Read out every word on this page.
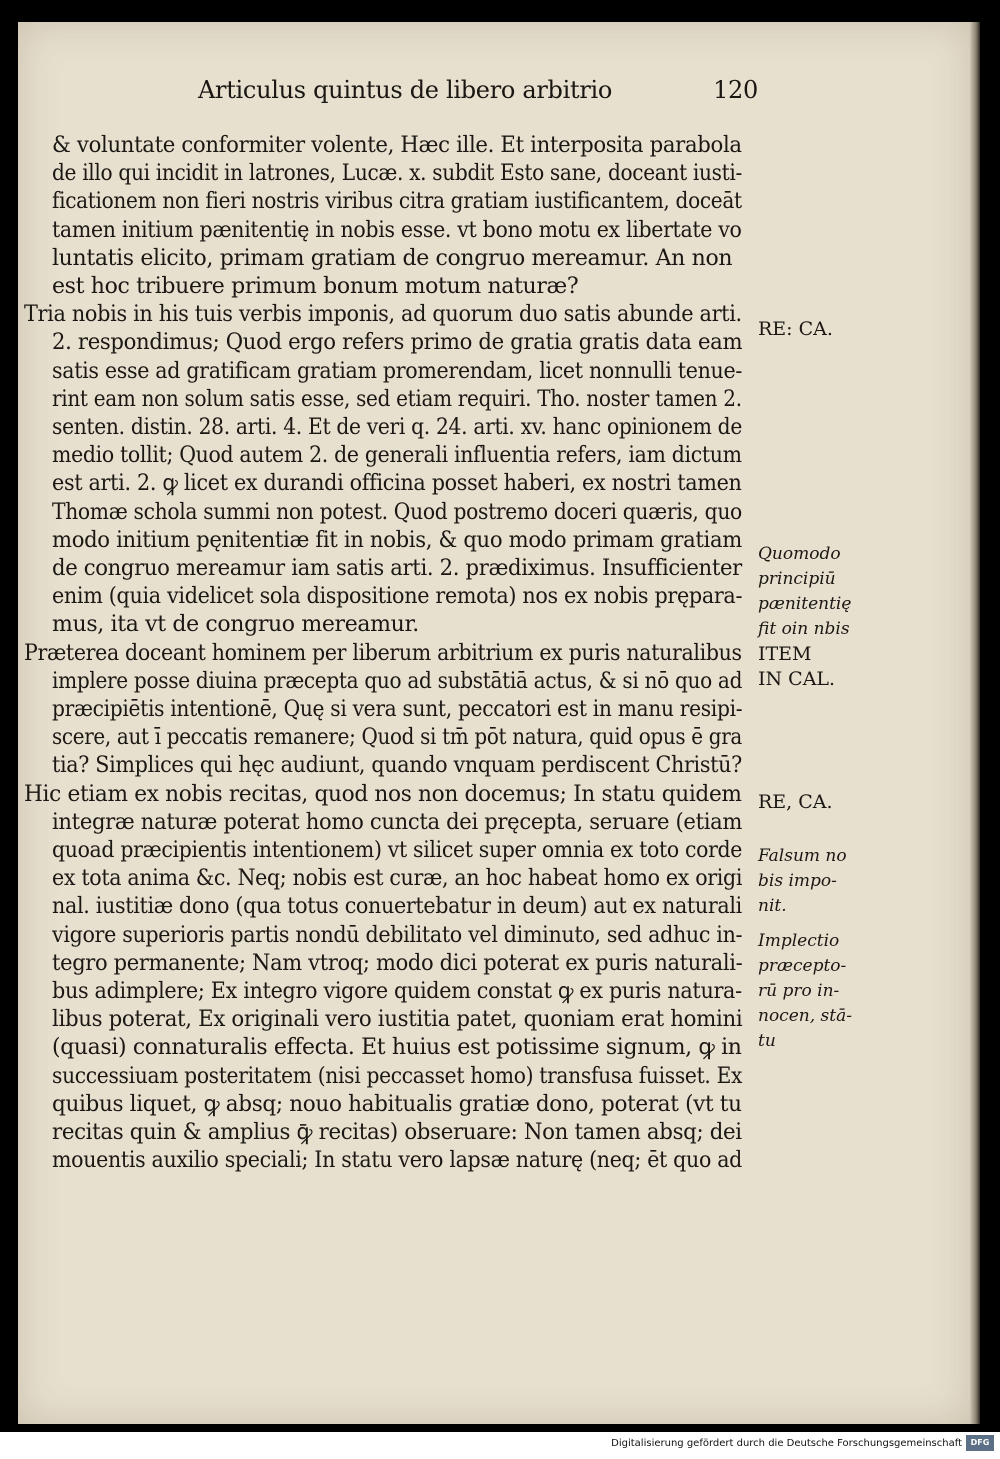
Articulus quintus de libero arbitrio	120
& voluntate conformiter volente, Hæc ille. Et interposita parabola
de illo qui incidit in latrones, Lucæ. x. subdit Esto sane, doceant iusti-
ficationem non fieri nostris viribus citra gratiam iustificantem, doceāt
tamen initium pænitentię in nobis esse. vt bono motu ex libertate vo
luntatis elicito, primam gratiam de congruo mereamur. An non
est hoc tribuere primum bonum motum naturæ?
Tria nobis in his tuis verbis imponis, ad quorum duo satis abunde arti.
2. respondimus; Quod ergo refers primo de gratia gratis data eam
satis esse ad gratificam gratiam promerendam, licet nonnulli tenue-
rint eam non solum satis esse, sed etiam requiri. Tho. noster tamen 2.
senten. distin. 28. arti. 4. Et de veri q. 24. arti. xv. hanc opinionem de
medio tollit; Quod autem 2. de generali influentia refers, iam dictum
est arti. 2. ꝙ licet ex durandi officina posset haberi, ex nostri tamen
Thomæ schola summi non potest. Quod postremo doceri quæris, quo
modo initium pęnitentiæ fit in nobis, & quo modo primam gratiam
de congruo mereamur iam satis arti. 2. prædiximus. Insufficienter
enim (quia videlicet sola dispositione remota) nos ex nobis prępara-
mus, ita vt de congruo mereamur.
Præterea doceant hominem per liberum arbitrium ex puris naturalibus
implere posse diuina præcepta quo ad substātiā actus, & si nō quo ad
præcipiētis intentionē, Quę si vera sunt, peccatori est in manu resipi-
scere, aut ī peccatis remanere; Quod si tm̄ pōt natura, quid opus ē gra
tia? Simplices qui hęc audiunt, quando vnquam perdiscent Christū?
Hic etiam ex nobis recitas, quod nos non docemus; In statu quidem
integræ naturæ poterat homo cuncta dei pręcepta, seruare (etiam
quoad præcipientis intentionem) vt silicet super omnia ex toto corde
ex tota anima &c. Neq; nobis est curæ, an hoc habeat homo ex origi
nal. iustitiæ dono (qua totus conuertebatur in deum) aut ex naturali
vigore superioris partis nondū debilitato vel diminuto, sed adhuc in-
tegro permanente; Nam vtroq; modo dici poterat ex puris naturali-
bus adimplere; Ex integro vigore quidem constat ꝙ ex puris natura-
libus poterat, Ex originali vero iustitia patet, quoniam erat homini
(quasi) connaturalis effecta. Et huius est potissime signum, ꝙ in
successiuam posteritatem (nisi peccasset homo) transfusa fuisset. Ex
quibus liquet, ꝙ absq; nouo habitualis gratiæ dono, poterat (vt tu
recitas quin & amplius ꝙ̄ recitas) obseruare: Non tamen absq; dei
mouentis auxilio speciali; In statu vero lapsæ naturę (neq; ēt quo ad
RE: CA.
Quomodo
principiū
pænitentię
fit oin nbis
ITEM
IN CAL.
RE, CA.
Falsum no
bis impo-
nit.
Implectio
præcepto-
rū pro in-
nocen, stā-
tu
Digitalisierung gefördert durch die Deutsche Forschungsgemeinschaft	DFG
